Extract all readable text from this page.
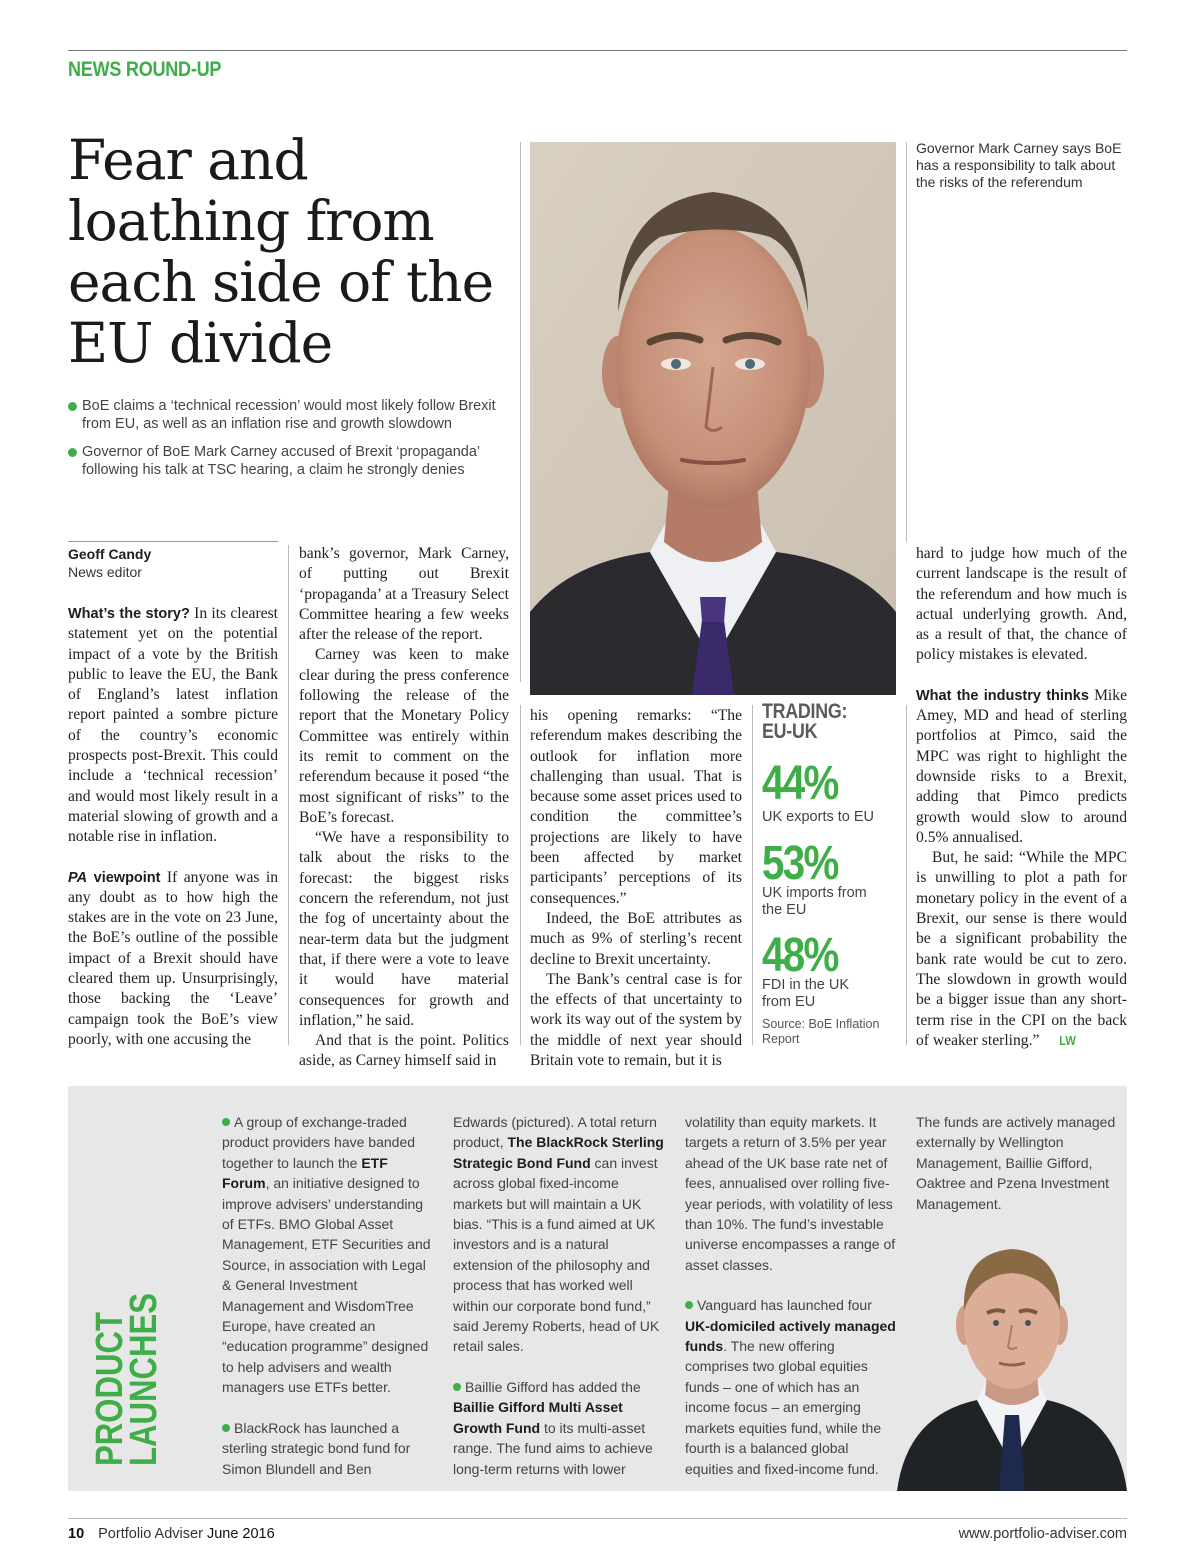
NEWS ROUND-UP
Fear and loathing from each side of the EU divide
BoE claims a ‘technical recession’ would most likely follow Brexit from EU, as well as an inflation rise and growth slowdown
Governor of BoE Mark Carney accused of Brexit ‘propaganda’ following his talk at TSC hearing, a claim he strongly denies
Governor Mark Carney says BoE has a responsibility to talk about the risks of the referendum
Geoff Candy
News editor

What’s the story? In its clearest statement yet on the potential impact of a vote by the British public to leave the EU, the Bank of England’s latest inflation report painted a sombre picture of the country’s economic prospects post-Brexit. This could include a ‘technical recession’ and would most likely result in a material slowing of growth and a notable rise in inflation.

PA viewpoint If anyone was in any doubt as to how high the stakes are in the vote on 23 June, the BoE’s outline of the possible impact of a Brexit should have cleared them up. Unsurprisingly, those backing the ‘Leave’ campaign took the BoE’s view poorly, with one accusing the

bank’s governor, Mark Carney, of putting out Brexit ‘propaganda’ at a Treasury Select Committee hearing a few weeks after the release of the report.

Carney was keen to make clear during the press conference following the release of the report that the Monetary Policy Committee was entirely within its remit to comment on the referendum because it posed “the most significant of risks” to the BoE’s forecast.

“We have a responsibility to talk about the risks to the forecast: the biggest risks concern the referendum, not just the fog of uncertainty about the near-term data but the judgment that, if there were a vote to leave it would have material consequences for growth and inflation,” he said.

And that is the point. Politics aside, as Carney himself said in

his opening remarks: “The referendum makes describing the outlook for inflation more challenging than usual. That is because some asset prices used to condition the committee’s projections are likely to have been affected by market participants’ perceptions of its consequences.”

Indeed, the BoE attributes as much as 9% of sterling’s recent decline to Brexit uncertainty.

The Bank’s central case is for the effects of that uncertainty to work its way out of the system by the middle of next year should Britain vote to remain, but it is

TRADING:
EU-UK
44%
UK exports to EU
53%
UK imports from the EU
48%
FDI in the UK from EU
Source: BoE Inflation Report

hard to judge how much of the current landscape is the result of the referendum and how much is actual underlying growth. And, as a result of that, the chance of policy mistakes is elevated.

What the industry thinks Mike Amey, MD and head of sterling portfolios at Pimco, said the MPC was right to highlight the downside risks to a Brexit, adding that Pimco predicts growth would slow to around 0.5% annualised.

But, he said: “While the MPC is unwilling to plot a path for monetary policy in the event of a Brexit, our sense is there would be a significant probability the bank rate would be cut to zero. The slowdown in growth would be a bigger issue than any short-term rise in the CPI on the back of weaker sterling.” LW

PRODUCT
LAUNCHES

A group of exchange-traded product providers have banded together to launch the ETF Forum, an initiative designed to improve advisers’ understanding of ETFs. BMO Global Asset Management, ETF Securities and Source, in association with Legal & General Investment Management and WisdomTree Europe, have created an “education programme” designed to help advisers and wealth managers use ETFs better.

BlackRock has launched a sterling strategic bond fund for Simon Blundell and Ben

Edwards (pictured). A total return product, The BlackRock Sterling Strategic Bond Fund can invest across global fixed-income markets but will maintain a UK bias. “This is a fund aimed at UK investors and is a natural extension of the philosophy and process that has worked well within our corporate bond fund,” said Jeremy Roberts, head of UK retail sales.

Baillie Gifford has added the Baillie Gifford Multi Asset Growth Fund to its multi-asset range. The fund aims to achieve long-term returns with lower

volatility than equity markets. It targets a return of 3.5% per year ahead of the UK base rate net of fees, annualised over rolling five-year periods, with volatility of less than 10%. The fund’s investable universe encompasses a range of asset classes.

Vanguard has launched four UK-domiciled actively managed funds. The new offering comprises two global equities funds – one of which has an income focus – an emerging markets equities fund, while the fourth is a balanced global equities and fixed-income fund.

The funds are actively managed externally by Wellington Management, Baillie Gifford, Oaktree and Pzena Investment Management.

10 Portfolio Adviser June 2016	www.portfolio-adviser.com
